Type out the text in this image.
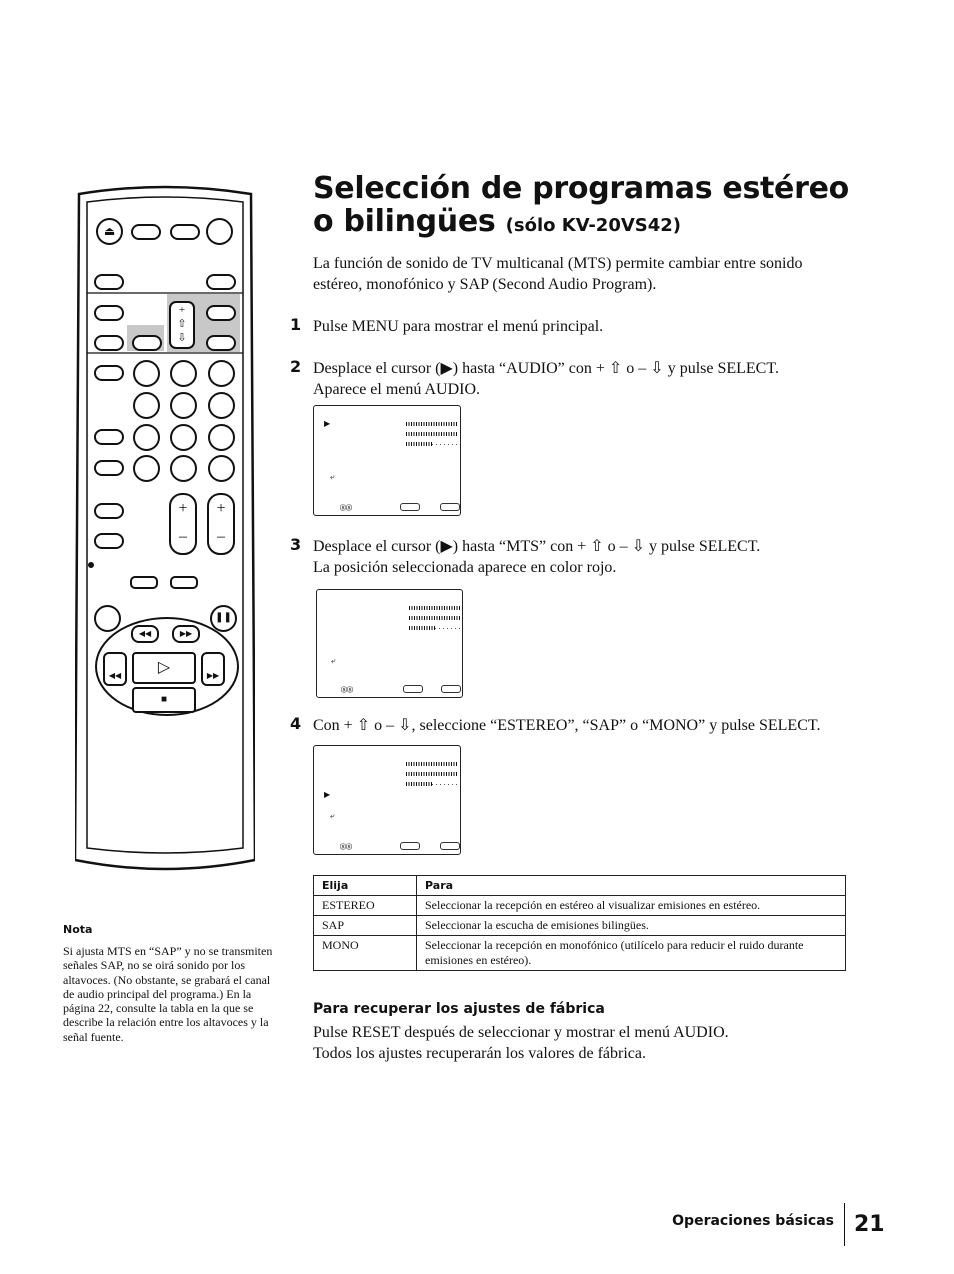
⏏
+
⇧
⇩
+
–
+
–
❚❚
◀◀	▶▶
◀◀	▷	▶▶
■
Selección de programas estéreo o bilingües (sólo KV-20VS42)
La función de sonido de TV multicanal (MTS) permite cambiar entre sonido estéreo, monofónico y SAP (Second Audio Program).
1 Pulse MENU para mostrar el menú principal.
2 Desplace el cursor (▶) hasta “AUDIO” con + ⇧ o – ⇩ y pulse SELECT.
Aparece el menú AUDIO.
▶
⤶
ⓈⓈ
3 Desplace el cursor (▶) hasta “MTS” con + ⇧ o – ⇩ y pulse SELECT.
La posición seleccionada aparece en color rojo.
⤶
ⓈⓈ
4 Con + ⇧ o – ⇩, seleccione “ESTEREO”, “SAP” o “MONO” y pulse SELECT.
▶
⤶
ⓈⓈ
Elija	Para
ESTEREO	Seleccionar la recepción en estéreo al visualizar emisiones en estéreo.
SAP	Seleccionar la escucha de emisiones bilingües.
MONO	Seleccionar la recepción en monofónico (utilícelo para reducir el ruido durante emisiones en estéreo).
Para recuperar los ajustes de fábrica
Pulse RESET después de seleccionar y mostrar el menú AUDIO.
Todos los ajustes recuperarán los valores de fábrica.
Nota
Si ajusta MTS en “SAP” y no se transmiten señales SAP, no se oirá sonido por los altavoces. (No obstante, se grabará el canal de audio principal del programa.) En la página 22, consulte la tabla en la que se describe la relación entre los altavoces y la señal fuente.
Operaciones básicas 21
